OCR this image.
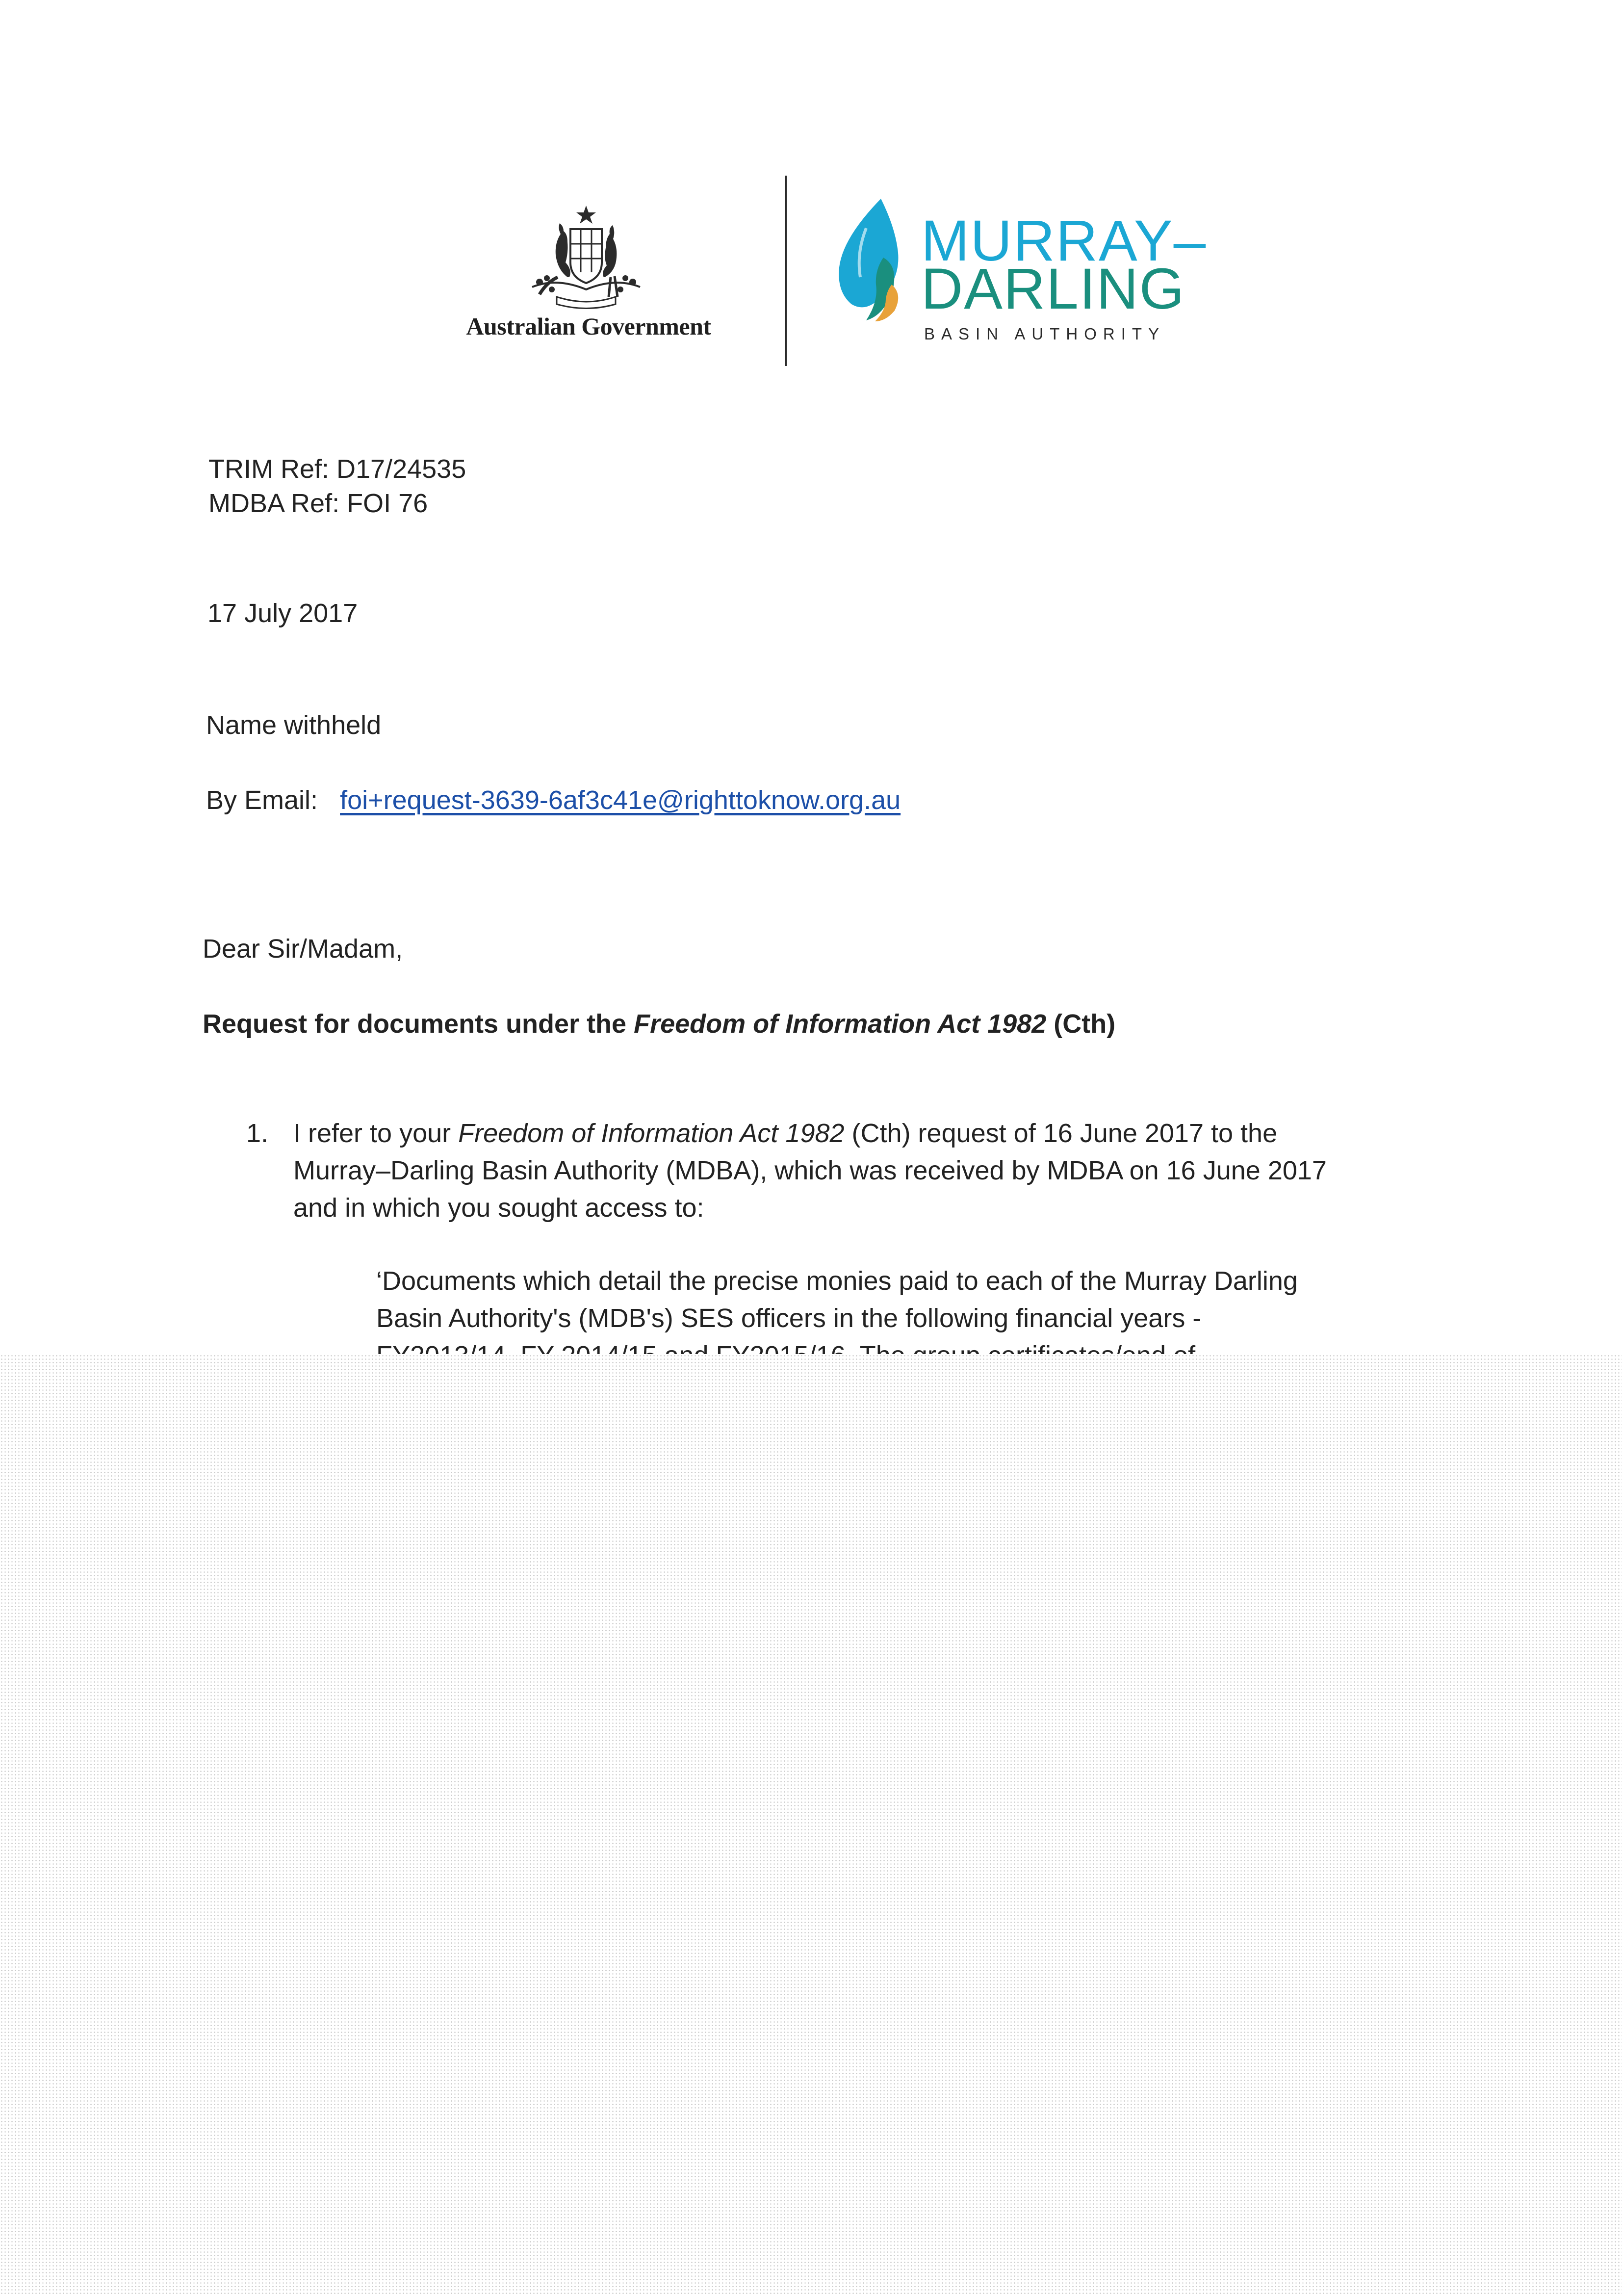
Australian Government
MURRAY–
DARLING
BASIN AUTHORITY
TRIM Ref: D17/24535
MDBA Ref: FOI 76
17 July 2017
Name withheld
By Email: foi+request-3639-6af3c41e@righttoknow.org.au
Dear Sir/Madam,
Request for documents under the Freedom of Information Act 1982 (Cth)
1. I refer to your Freedom of Information Act 1982 (Cth) request of 16 June 2017 to the
Murray–Darling Basin Authority (MDBA), which was received by MDBA on 16 June 2017
and in which you sought access to:
‘Documents which detail the precise monies paid to each of the Murray Darling
Basin Authority's (MDB's) SES officers in the following financial years -
